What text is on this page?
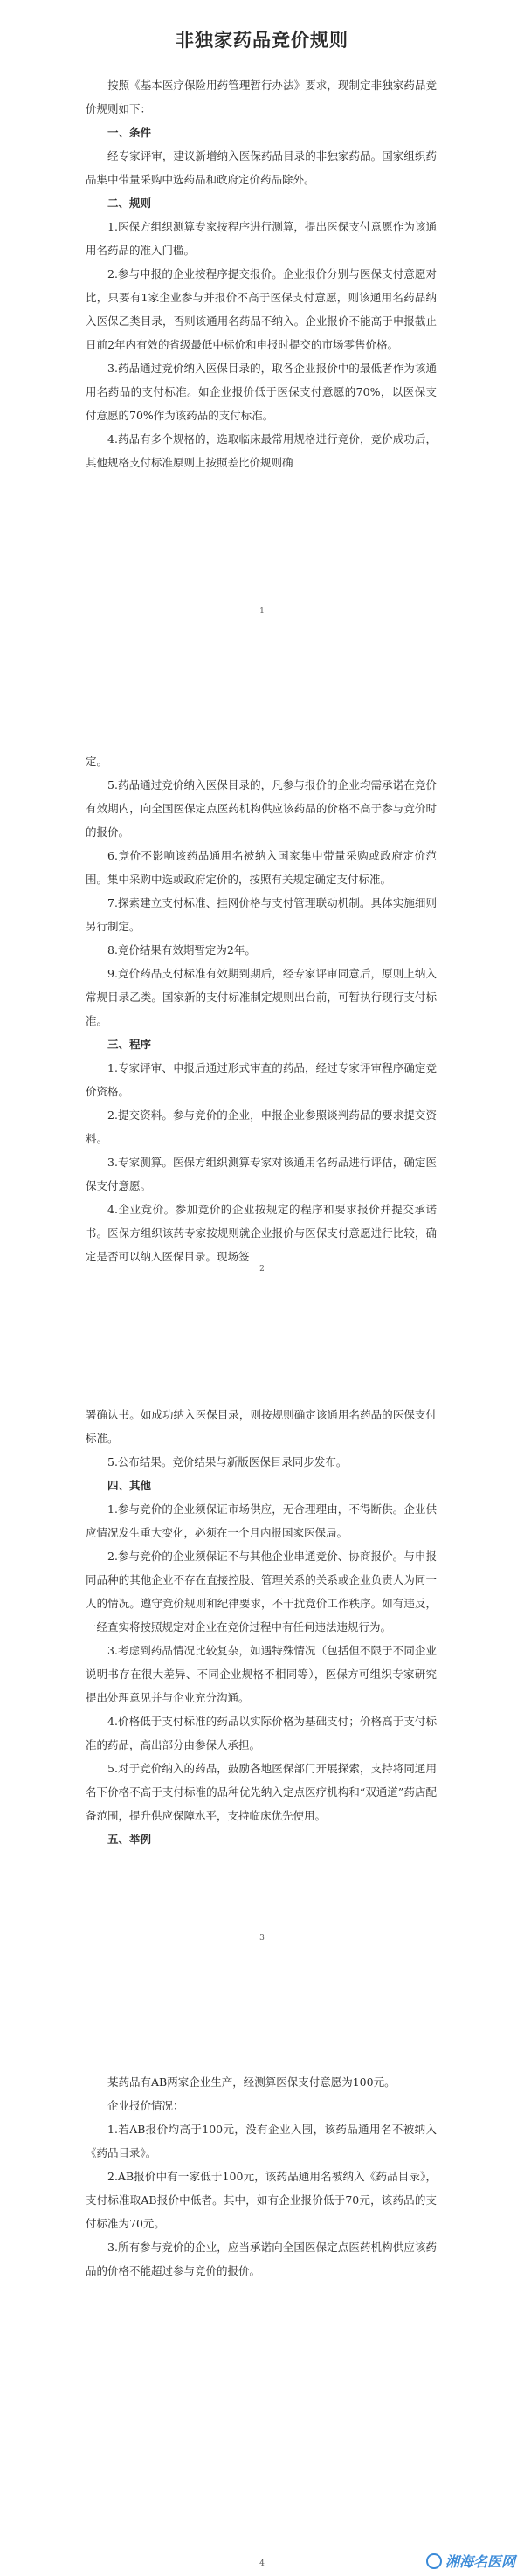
非独家药品竞价规则

按照《基本医疗保险用药管理暂行办法》要求，现制定非独家药品竞价规则如下：

一、条件

经专家评审，建议新增纳入医保药品目录的非独家药品。国家组织药品集中带量采购中选药品和政府定价药品除外。

二、规则

1.医保方组织测算专家按程序进行测算，提出医保支付意愿作为该通用名药品的准入门槛。

2.参与申报的企业按程序提交报价。企业报价分别与医保支付意愿对比，只要有1家企业参与并报价不高于医保支付意愿，则该通用名药品纳入医保乙类目录，否则该通用名药品不纳入。企业报价不能高于申报截止日前2年内有效的省级最低中标价和申报时提交的市场零售价格。

3.药品通过竞价纳入医保目录的，取各企业报价中的最低者作为该通用名药品的支付标准。如企业报价低于医保支付意愿的70%，以医保支付意愿的70%作为该药品的支付标准。

4.药品有多个规格的，选取临床最常用规格进行竞价，竞价成功后，其他规格支付标准原则上按照差比价规则确

1

定。

5.药品通过竞价纳入医保目录的，凡参与报价的企业均需承诺在竞价有效期内，向全国医保定点医药机构供应该药品的价格不高于参与竞价时的报价。

6.竞价不影响该药品通用名被纳入国家集中带量采购或政府定价范围。集中采购中选或政府定价的，按照有关规定确定支付标准。

7.探索建立支付标准、挂网价格与支付管理联动机制。具体实施细则另行制定。

8.竞价结果有效期暂定为2年。

9.竞价药品支付标准有效期到期后，经专家评审同意后，原则上纳入常规目录乙类。国家新的支付标准制定规则出台前，可暂执行现行支付标准。

三、程序

1.专家评审、申报后通过形式审查的药品，经过专家评审程序确定竞价资格。

2.提交资料。参与竞价的企业，申报企业参照谈判药品的要求提交资料。

3.专家测算。医保方组织测算专家对该通用名药品进行评估，确定医保支付意愿。

4.企业竞价。参加竞价的企业按规定的程序和要求报价并提交承诺书。医保方组织该药专家按规则就企业报价与医保支付意愿进行比较，确定是否可以纳入医保目录。现场签

2

署确认书。如成功纳入医保目录，则按规则确定该通用名药品的医保支付标准。

5.公布结果。竞价结果与新版医保目录同步发布。

四、其他

1.参与竞价的企业须保证市场供应，无合理理由，不得断供。企业供应情况发生重大变化，必须在一个月内报国家医保局。

2.参与竞价的企业须保证不与其他企业串通竞价、协商报价。与申报同品种的其他企业不存在直接控股、管理关系的关系或企业负责人为同一人的情况。遵守竞价规则和纪律要求，不干扰竞价工作秩序。如有违反，一经查实将按照规定对企业在竞价过程中有任何违法违规行为。

3.考虑到药品情况比较复杂，如遇特殊情况（包括但不限于不同企业说明书存在很大差异、不同企业规格不相同等），医保方可组织专家研究提出处理意见并与企业充分沟通。

4.价格低于支付标准的药品以实际价格为基础支付；价格高于支付标准的药品，高出部分由参保人承担。

5.对于竞价纳入的药品，鼓励各地医保部门开展探索，支持将同通用名下价格不高于支付标准的品种优先纳入定点医疗机构和“双通道”药店配备范围，提升供应保障水平，支持临床优先使用。

五、举例

3

某药品有AB两家企业生产，经测算医保支付意愿为100元。

企业报价情况：

1.若AB报价均高于100元，没有企业入围，该药品通用名不被纳入《药品目录》。

2.AB报价中有一家低于100元，该药品通用名被纳入《药品目录》，支付标准取AB报价中低者。其中，如有企业报价低于70元，该药品的支付标准为70元。

3.所有参与竞价的企业，应当承诺向全国医保定点医药机构供应该药品的价格不能超过参与竞价的报价。

4	湘海名医网
